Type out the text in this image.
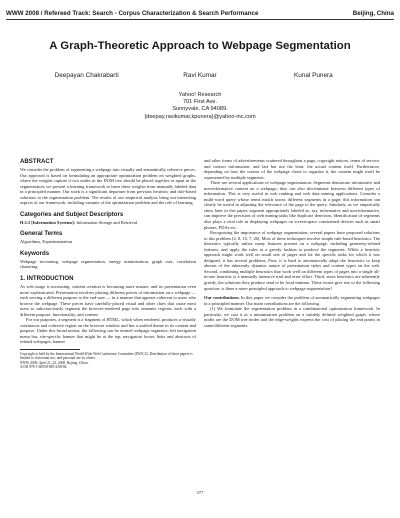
WWW 2008 / Refereed Track: Search - Corpus Characterization & Search Performance	Beijing, China
A Graph-Theoretic Approach to Webpage Segmentation
Deepayan Chakrabarti	Ravi Kumar	Kunal Punera
Yahoo! Research
701 First Ave.
Sunnyvale, CA 94089.
{deepay,ravikumar,kpunera}@yahoo-inc.com
ABSTRACT

We consider the problem of segmenting a webpage into visually and semantically cohesive pieces. Our approach is based on formulating an appropriate optimization problem on weighted graphs, where the weights capture if two nodes in the DOM tree should be placed together or apart in the segmentation; we present a learning framework to learn these weights from manually labeled data in a principled manner. Our work is a significant departure from previous heuristic and rule-based solutions to the segmentation problem. The results of our empirical analysis bring out interesting aspects of our framework, including variants of the optimization problem and the role of learning.

Categories and Subject Descriptors

H.3.3 [Information Systems]: Information Storage and Retrieval

General Terms

Algorithms, Experimentation

Keywords

Webpage sectioning, webpage segmentation, energy minimization, graph cuts, correlation clustering

1. INTRODUCTION

As web usage is increasing, content creation is becoming more mature, and its presentation even more sophisticated. Presentation involves placing different pieces of information on a webpage — each serving a different purpose to the end-user — in a manner that appears coherent to users who browse the webpage. These pieces have carefully-placed visual and other clues that cause most users to subconsciously segment the browser-rendered page into semantic regions, each with a different purpose, functionality, and content.

For our purposes, a segment is a fragment of HTML, which when rendered, produces a visually continuous and cohesive region on the browser window and has a unified theme in its content and purpose. Under this broad notion, the following can be termed webpage segments: left navigation menu bar, site-specific banner that might be at the top, navigation footer, links and abstracts of related webpages, banner

Copyright is held by the International World Wide Web Conference Committee (IW3C2). Distribution of these papers is limited to classroom use, and personal use by others.

WWW 2008, April 21–25, 2008, Beijing, China.

ACM 978-1-60558-085-2/08/04.

and other forms of advertisements scattered throughout a page, copyright notices, terms of service, and contact information, and last but not the least, the actual content itself. Furthermore, depending on how the creator of the webpage chose to organize it, the content might itself be represented by multiple segments.

There are several applications of webpage segmentation. Segments demarcate informative and non-informative content on a webpage; they can also discriminate between different types of information. This is very useful in web ranking and web data mining applications. Consider a multi-word query whose terms match across different segments in a page; this information can clearly be useful in adjusting the relevance of the page to the query. Similarly, as we empirically show later in this paper, segment appropriately labeled as, say, informative and non-informative, can improve the precision of web mining tasks like duplicate detection. Identification of segments also plays a vital role in displaying webpages on screen-space constrained devices such as smart phones, PDAs etc.

Recognizing the importance of webpage segmentation, several papers have proposed solutions to this problem [2, 8, 10, 7, 26]. Most of these techniques involve simple rule-based heuristics. The heuristics typically utilize many features present on a webpage, including geometry-related features, and apply the rules in a greedy fashion to produce the segments. While a heuristic approach might work well on small sets of pages and for the specific tasks for which it was designed, it has several problems. First, it is hard to automatically adapt the heuristics to keep abreast of the inherently dynamic nature of presentation styles and content types on the web. Second, combining multiple heuristics that work well on different types of pages into a single all-in-one heuristic is a manually intensive trial and error effort. Third, since heuristics are inherently greedy, the solutions they produce tend to be local minima. These issues give rise to the following question: is there a more principled approach to webpage segmentation?

Our contributions. In this paper we consider the problem of automatically segmenting webpages in a principled manner. Our main contributions are the following.

(1) We formulate the segmentation problem in a combinatorial optimization framework. In particular, we cast it as a minimization problem on a suitably defined weighted graph, whose nodes are the DOM tree nodes and the edge-weights express the cost of placing the end points in same/different segments.

377
